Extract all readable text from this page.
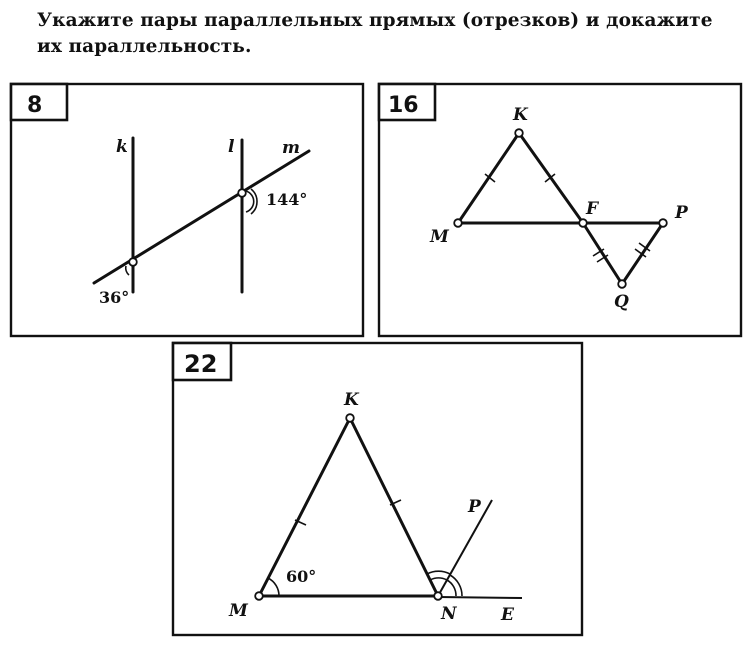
Укажите пары параллельных прямых (отрезков) и докажите
их параллельность.
8
k	l	m
144°
36°
16	K
M
F	P
Q
22
K
M	N
P
E
60°
